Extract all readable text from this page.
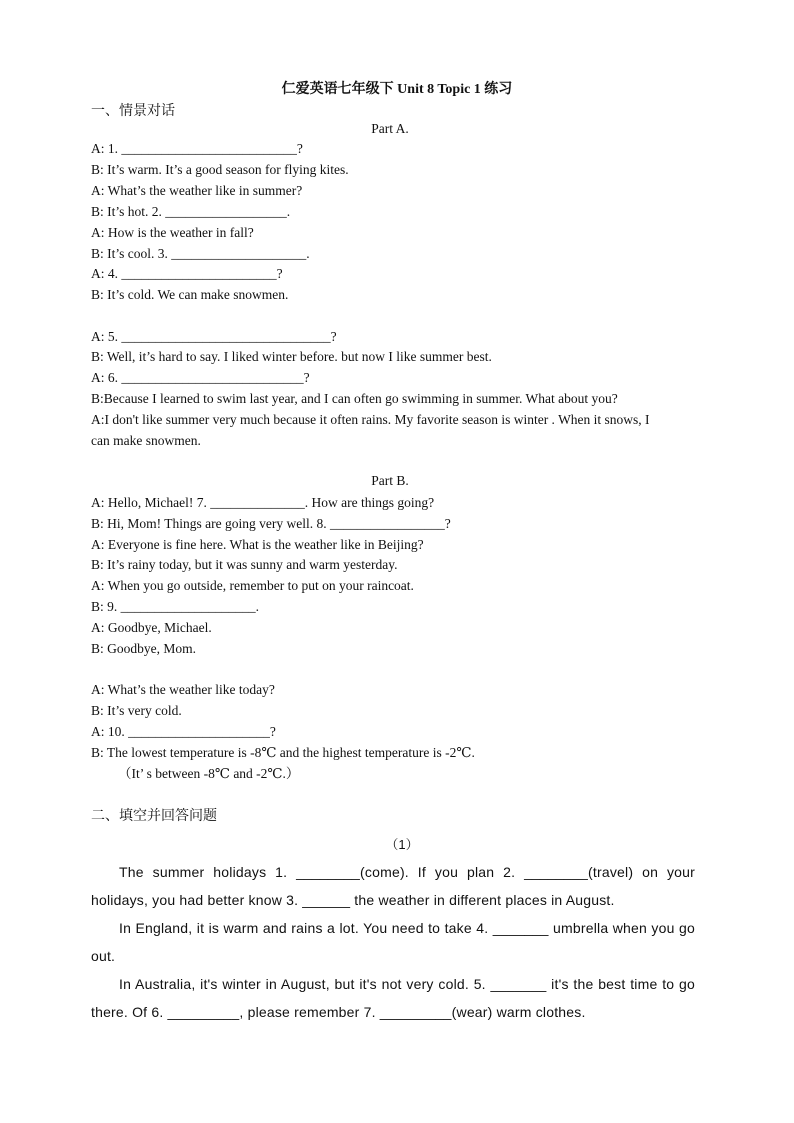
仁爱英语七年级下 Unit 8 Topic 1 练习
一、情景对话
Part A.
A: 1. __________________________?
B: It’s warm. It’s a good season for flying kites.
A: What’s the weather like in summer?
B: It’s hot. 2. __________________.
A: How is the weather in fall?
B: It’s cool. 3. ____________________.
A: 4. _______________________?
B: It’s cold. We can make snowmen.
A: 5. _______________________________?
B: Well, it’s hard to say. I liked winter before. but now I like summer best.
A: 6. ___________________________?
B:Because I learned to swim last year, and I can often go swimming in summer. What about you?
A:I don't like summer very much because it often rains. My favorite season is winter . When it snows, I
can make snowmen.
Part B.
A: Hello, Michael! 7. ______________. How are things going?
B: Hi, Mom! Things are going very well. 8. _________________?
A: Everyone is fine here. What is the weather like in Beijing?
B: It’s rainy today, but it was sunny and warm yesterday.
A: When you go outside, remember to put on your raincoat.
B: 9. ____________________.
A: Goodbye, Michael.
B: Goodbye, Mom.
A: What’s the weather like today?
B: It’s very cold.
A: 10. _____________________?
B: The lowest temperature is -8℃ and the highest temperature is -2℃.
（It’ s between -8℃ and -2℃.）
二、填空并回答问题
（1）
The summer holidays 1. ________(come). If you plan 2. ________(travel) on your holidays, you had better know 3. ______ the weather in different places in August.
In England, it is warm and rains a lot. You need to take 4. _______ umbrella when you go out.
In Australia, it's winter in August, but it's not very cold. 5. _______ it's the best time to go there. Of 6. _________, please remember 7. _________(wear) warm clothes.
